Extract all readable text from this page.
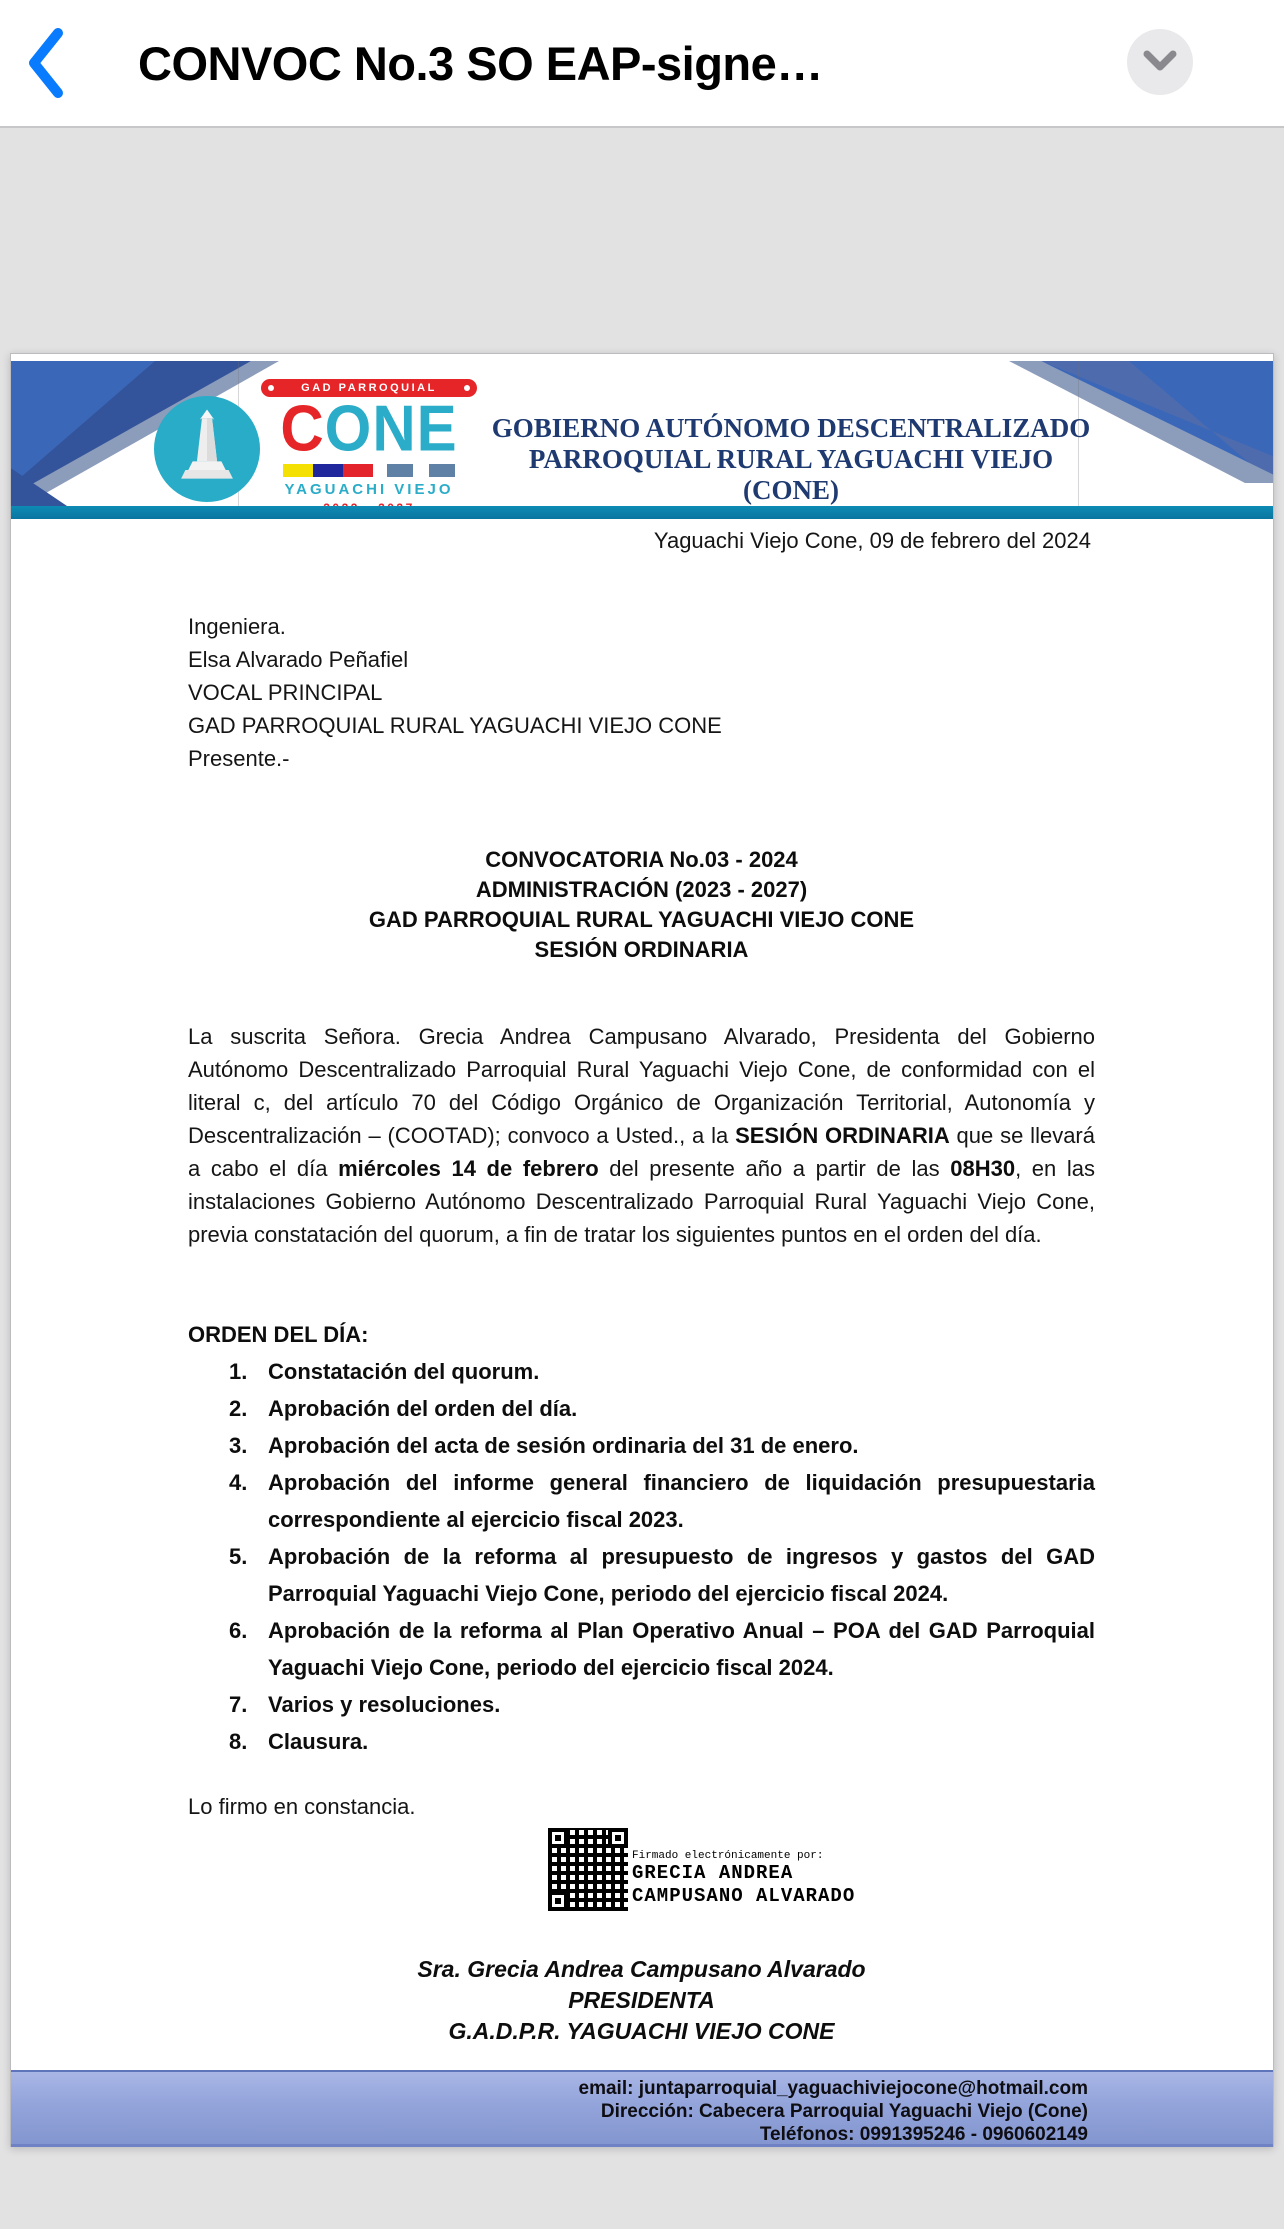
CONVOC No.3 SO EAP-signe…
GAD PARROQUIAL
CONE
YAGUACHI VIEJO
GOBIERNO AUTÓNOMO DESCENTRALIZADO
PARROQUIAL RURAL YAGUACHI VIEJO (CONE)
Yaguachi Viejo Cone, 09 de febrero del 2024
Ingeniera.
Elsa Alvarado Peñafiel
VOCAL PRINCIPAL
GAD PARROQUIAL RURAL YAGUACHI VIEJO CONE
Presente.-
CONVOCATORIA No.03 - 2024
ADMINISTRACIÓN (2023 - 2027)
GAD PARROQUIAL RURAL YAGUACHI VIEJO CONE
SESIÓN ORDINARIA
La suscrita Señora. Grecia Andrea Campusano Alvarado, Presidenta del Gobierno Autónomo Descentralizado Parroquial Rural Yaguachi Viejo Cone, de conformidad con el literal c, del artículo 70 del Código Orgánico de Organización Territorial, Autonomía y Descentralización – (COOTAD); convoco a Usted., a la SESIÓN ORDINARIA que se llevará a cabo el día miércoles 14 de febrero del presente año a partir de las 08H30, en las instalaciones Gobierno Autónomo Descentralizado Parroquial Rural Yaguachi Viejo Cone, previa constatación del quorum, a fin de tratar los siguientes puntos en el orden del día.
ORDEN DEL DÍA:
1. Constatación del quorum.
2. Aprobación del orden del día.
3. Aprobación del acta de sesión ordinaria del 31 de enero.
4. Aprobación del informe general financiero de liquidación presupuestaria correspondiente al ejercicio fiscal 2023.
5. Aprobación de la reforma al presupuesto de ingresos y gastos del GAD Parroquial Yaguachi Viejo Cone, periodo del ejercicio fiscal 2024.
6. Aprobación de la reforma al Plan Operativo Anual – POA del GAD Parroquial Yaguachi Viejo Cone, periodo del ejercicio fiscal 2024.
7. Varios y resoluciones.
8. Clausura.
Lo firmo en constancia.
Firmado electrónicamente por:
GRECIA ANDREA
CAMPUSANO ALVARADO
Sra. Grecia Andrea Campusano Alvarado
PRESIDENTA
G.A.D.P.R. YAGUACHI VIEJO CONE
email: juntaparroquial_yaguachiviejocone@hotmail.com
Dirección: Cabecera Parroquial Yaguachi Viejo (Cone)
Teléfonos: 0991395246 - 0960602149
